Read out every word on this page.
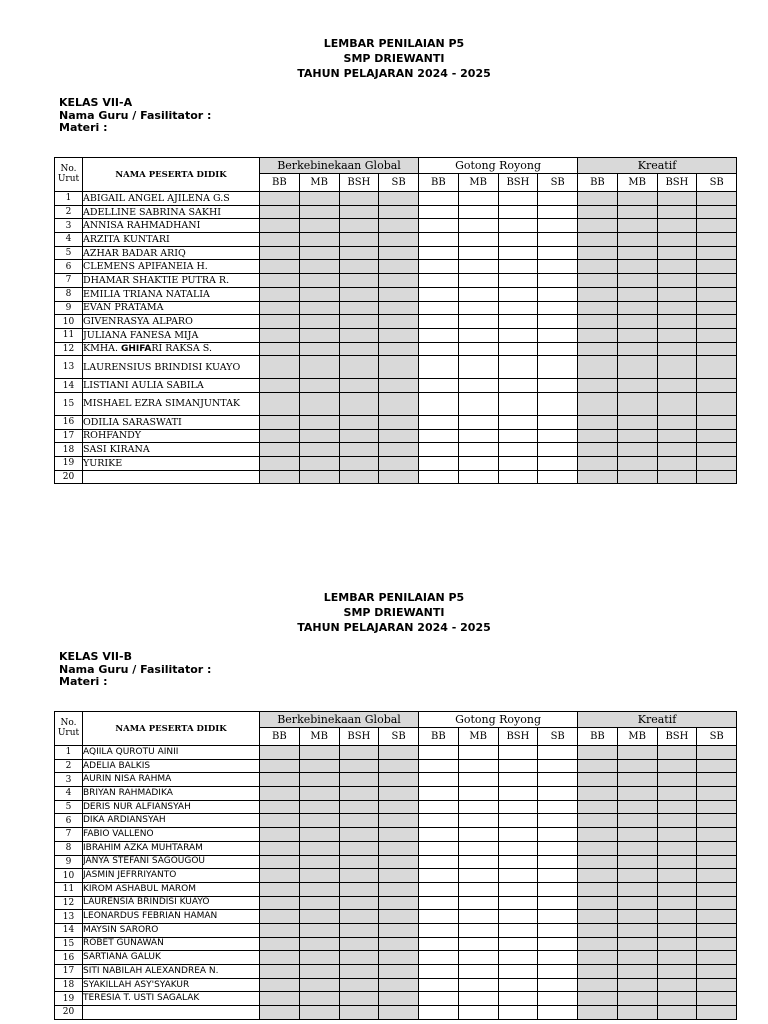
LEMBAR PENILAIAN P5
SMP DRIEWANTI
TAHUN PELAJARAN 2024 - 2025
KELAS VII-A
Nama Guru / Fasilitator :
Materi :
No. Urut	NAMA PESERTA DIDIK	Berkebinekaan Global				Gotong Royong				Kreatif			
		BB	MB	BSH	SB	BB	MB	BSH	SB	BB	MB	BSH	SB
1	ABIGAIL ANGEL AJILENA G.S												
2	ADELLINE SABRINA SAKHI												
3	ANNISA RAHMADHANI												
4	ARZITA KUNTARI												
5	AZHAR BADAR ARIQ												
6	CLEMENS APIFANEIA H.												
7	DHAMAR SHAKTIE PUTRA R.												
8	EMILIA TRIANA NATALIA												
9	EVAN PRATAMA												
10	GIVENRASYA ALPARO												
11	JULIANA FANESA MIJA												
12	KMHA. GHIFARI RAKSA S.												
13	LAURENSIUS BRINDISI KUAYO												
14	LISTIANI AULIA SABILA												
15	MISHAEL EZRA SIMANJUNTAK												
16	ODILIA SARASWATI												
17	ROHFANDY												
18	SASI KIRANA												
19	YURIKE												
20													
LEMBAR PENILAIAN P5
SMP DRIEWANTI
TAHUN PELAJARAN 2024 - 2025
KELAS VII-B
Nama Guru / Fasilitator :
Materi :
No. Urut	NAMA PESERTA DIDIK	Berkebinekaan Global				Gotong Royong				Kreatif			
		BB	MB	BSH	SB	BB	MB	BSH	SB	BB	MB	BSH	SB
1	AQIILA QUROTU AINII												
2	ADELIA BALKIS												
3	AURIN NISA RAHMA												
4	BRIYAN RAHMADIKA												
5	DERIS NUR ALFIANSYAH												
6	DIKA ARDIANSYAH												
7	FABIO VALLENO												
8	IBRAHIM AZKA MUHTARAM												
9	JANYA STEFANI SAGOUGOU												
10	JASMIN JEFRRIYANTO												
11	KIROM ASHABUL MAROM												
12	LAURENSIA BRINDISI KUAYO												
13	LEONARDUS FEBRIAN HAMAN												
14	MAYSIN SARORO												
15	ROBET GUNAWAN												
16	SARTIANA GALUK												
17	SITI NABILAH ALEXANDREA N.												
18	SYAKILLAH ASY'SYAKUR												
19	TERESIA T. USTI SAGALAK												
20													
